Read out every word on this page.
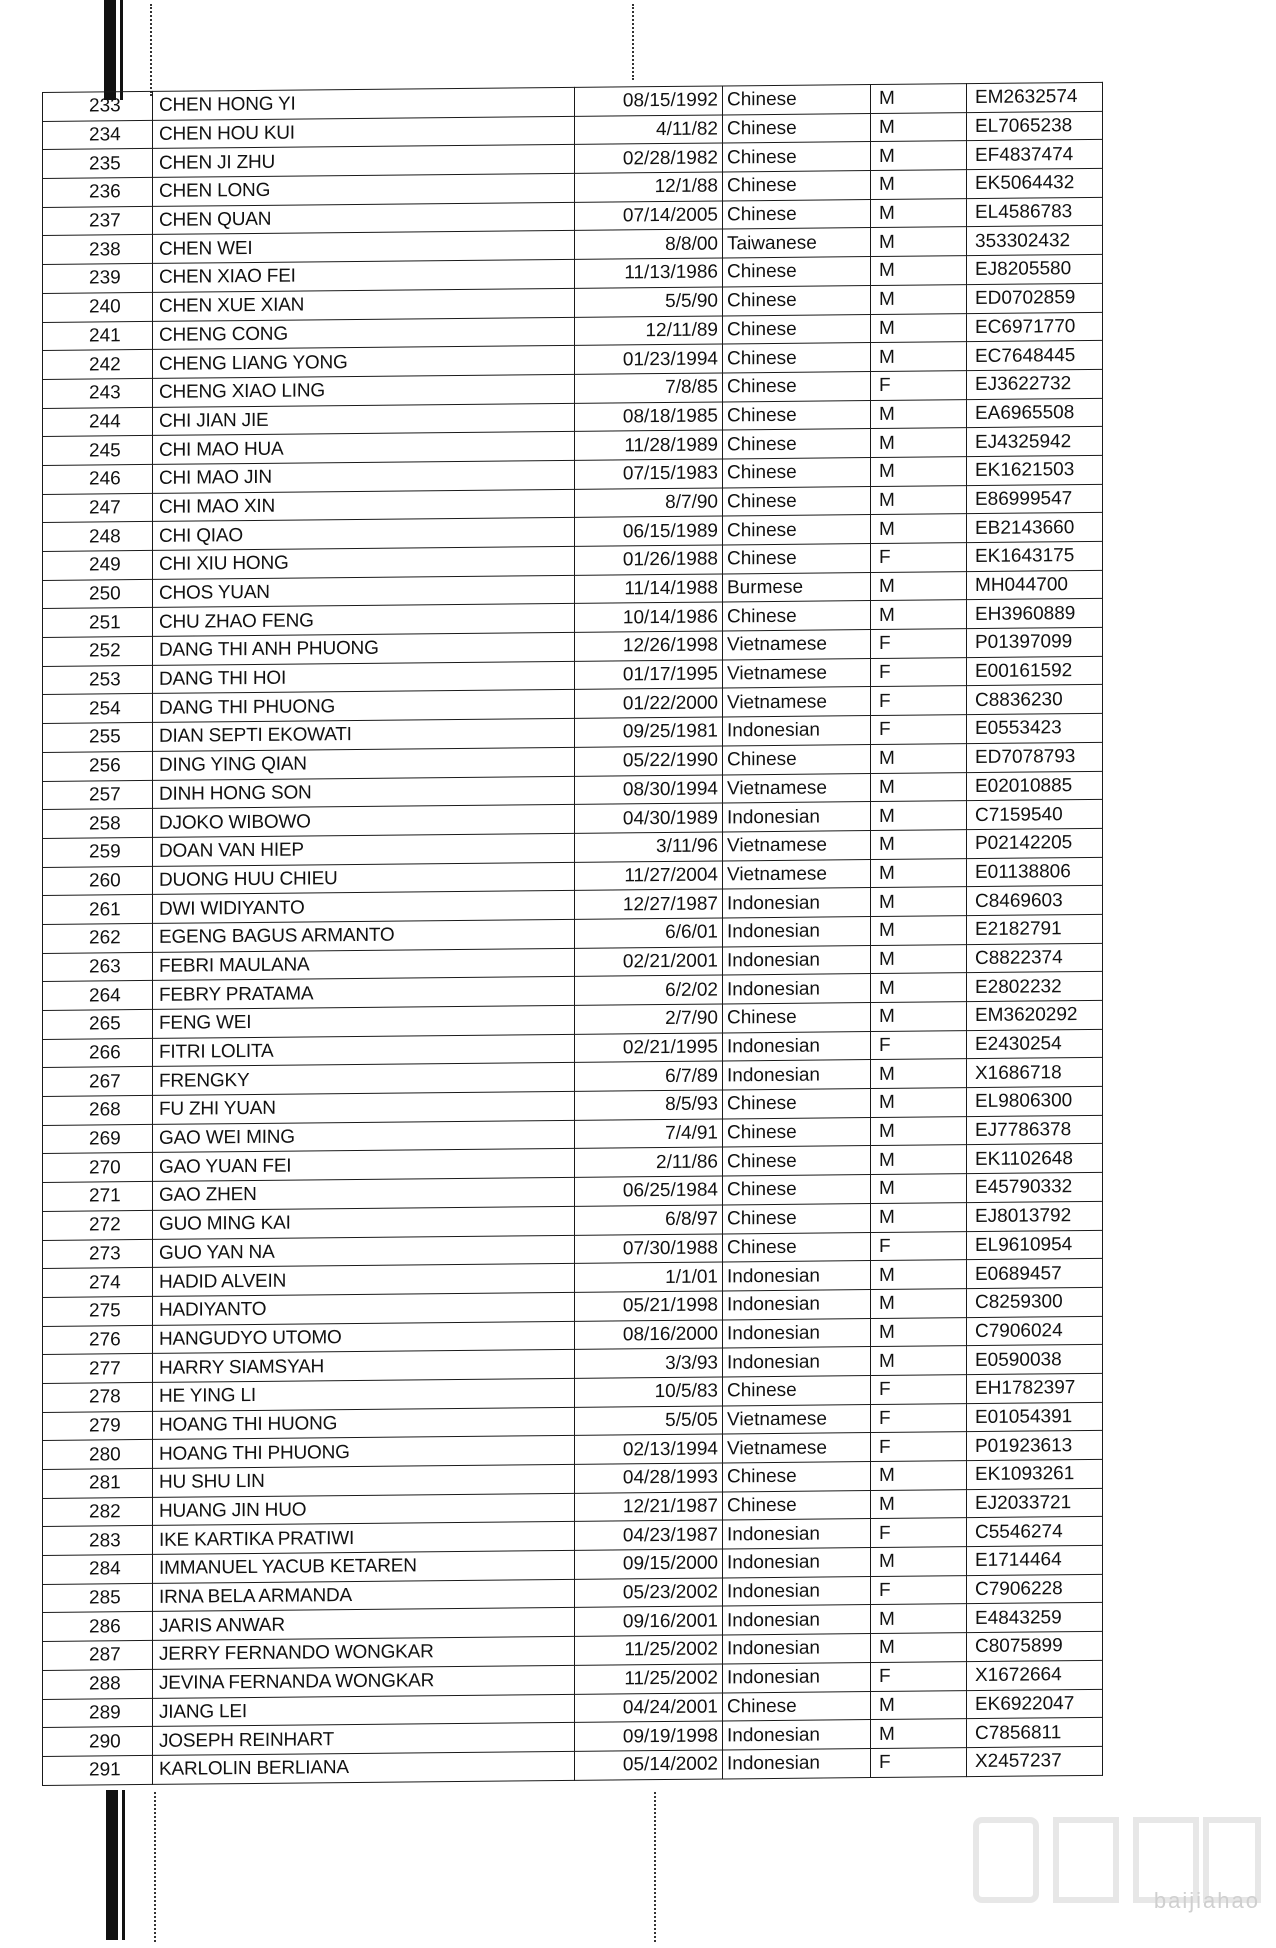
233	CHEN HONG YI	08/15/1992	Chinese	M	EM2632574
234	CHEN HOU KUI	4/11/82	Chinese	M	EL7065238
235	CHEN JI ZHU	02/28/1982	Chinese	M	EF4837474
236	CHEN LONG	12/1/88	Chinese	M	EK5064432
237	CHEN QUAN	07/14/2005	Chinese	M	EL4586783
238	CHEN WEI	8/8/00	Taiwanese	M	353302432
239	CHEN XIAO FEI	11/13/1986	Chinese	M	EJ8205580
240	CHEN XUE XIAN	5/5/90	Chinese	M	ED0702859
241	CHENG CONG	12/11/89	Chinese	M	EC6971770
242	CHENG LIANG YONG	01/23/1994	Chinese	M	EC7648445
243	CHENG XIAO LING	7/8/85	Chinese	F	EJ3622732
244	CHI JIAN JIE	08/18/1985	Chinese	M	EA6965508
245	CHI MAO HUA	11/28/1989	Chinese	M	EJ4325942
246	CHI MAO JIN	07/15/1983	Chinese	M	EK1621503
247	CHI MAO XIN	8/7/90	Chinese	M	E86999547
248	CHI QIAO	06/15/1989	Chinese	M	EB2143660
249	CHI XIU HONG	01/26/1988	Chinese	F	EK1643175
250	CHOS YUAN	11/14/1988	Burmese	M	MH044700
251	CHU ZHAO FENG	10/14/1986	Chinese	M	EH3960889
252	DANG THI ANH PHUONG	12/26/1998	Vietnamese	F	P01397099
253	DANG THI HOI	01/17/1995	Vietnamese	F	E00161592
254	DANG THI PHUONG	01/22/2000	Vietnamese	F	C8836230
255	DIAN SEPTI EKOWATI	09/25/1981	Indonesian	F	E0553423
256	DING YING QIAN	05/22/1990	Chinese	M	ED7078793
257	DINH HONG SON	08/30/1994	Vietnamese	M	E02010885
258	DJOKO WIBOWO	04/30/1989	Indonesian	M	C7159540
259	DOAN VAN HIEP	3/11/96	Vietnamese	M	P02142205
260	DUONG HUU CHIEU	11/27/2004	Vietnamese	M	E01138806
261	DWI WIDIYANTO	12/27/1987	Indonesian	M	C8469603
262	EGENG BAGUS ARMANTO	6/6/01	Indonesian	M	E2182791
263	FEBRI MAULANA	02/21/2001	Indonesian	M	C8822374
264	FEBRY PRATAMA	6/2/02	Indonesian	M	E2802232
265	FENG WEI	2/7/90	Chinese	M	EM3620292
266	FITRI LOLITA	02/21/1995	Indonesian	F	E2430254
267	FRENGKY	6/7/89	Indonesian	M	X1686718
268	FU ZHI YUAN	8/5/93	Chinese	M	EL9806300
269	GAO WEI MING	7/4/91	Chinese	M	EJ7786378
270	GAO YUAN FEI	2/11/86	Chinese	M	EK1102648
271	GAO ZHEN	06/25/1984	Chinese	M	E45790332
272	GUO MING KAI	6/8/97	Chinese	M	EJ8013792
273	GUO YAN NA	07/30/1988	Chinese	F	EL9610954
274	HADID ALVEIN	1/1/01	Indonesian	M	E0689457
275	HADIYANTO	05/21/1998	Indonesian	M	C8259300
276	HANGUDYO UTOMO	08/16/2000	Indonesian	M	C7906024
277	HARRY SIAMSYAH	3/3/93	Indonesian	M	E0590038
278	HE YING LI	10/5/83	Chinese	F	EH1782397
279	HOANG THI HUONG	5/5/05	Vietnamese	F	E01054391
280	HOANG THI PHUONG	02/13/1994	Vietnamese	F	P01923613
281	HU SHU LIN	04/28/1993	Chinese	M	EK1093261
282	HUANG JIN HUO	12/21/1987	Chinese	M	EJ2033721
283	IKE KARTIKA PRATIWI	04/23/1987	Indonesian	F	C5546274
284	IMMANUEL YACUB KETAREN	09/15/2000	Indonesian	M	E1714464
285	IRNA BELA ARMANDA	05/23/2002	Indonesian	F	C7906228
286	JARIS ANWAR	09/16/2001	Indonesian	M	E4843259
287	JERRY FERNANDO WONGKAR	11/25/2002	Indonesian	M	C8075899
288	JEVINA FERNANDA WONGKAR	11/25/2002	Indonesian	F	X1672664
289	JIANG LEI	04/24/2001	Chinese	M	EK6922047
290	JOSEPH REINHART	09/19/1998	Indonesian	M	C7856811
291	KARLOLIN BERLIANA	05/14/2002	Indonesian	F	X2457237
baijiahao
